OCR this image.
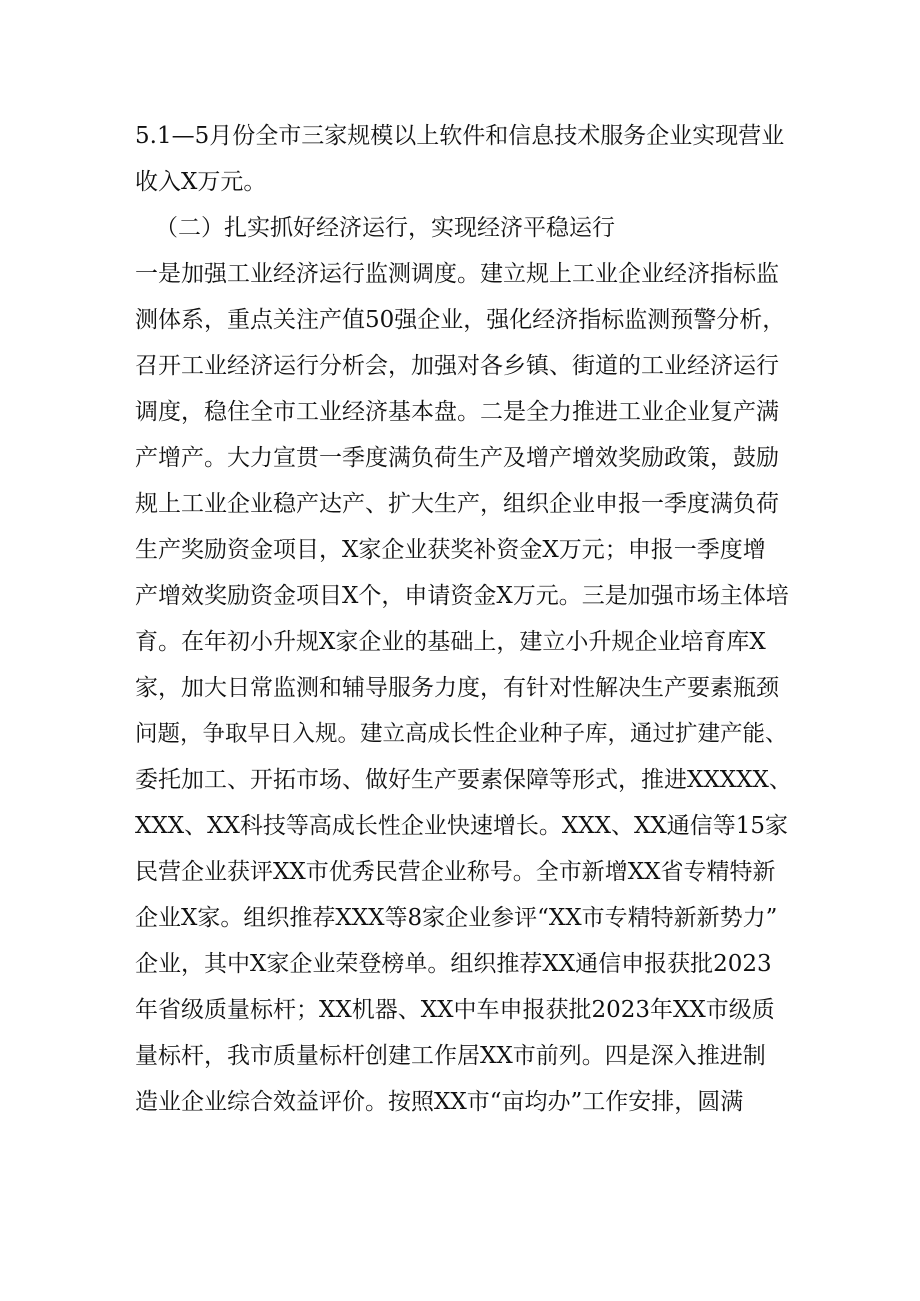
5.1—5月份全市三家规模以上软件和信息技术服务企业实现营业
收入X万元。
（二）扎实抓好经济运行，实现经济平稳运行
一是加强工业经济运行监测调度。建立规上工业企业经济指标监
测体系，重点关注产值50强企业，强化经济指标监测预警分析，
召开工业经济运行分析会，加强对各乡镇、街道的工业经济运行
调度，稳住全市工业经济基本盘。二是全力推进工业企业复产满
产增产。大力宣贯一季度满负荷生产及增产增效奖励政策，鼓励
规上工业企业稳产达产、扩大生产，组织企业申报一季度满负荷
生产奖励资金项目，X家企业获奖补资金X万元；申报一季度增
产增效奖励资金项目X个，申请资金X万元。三是加强市场主体培
育。在年初小升规X家企业的基础上，建立小升规企业培育库X
家，加大日常监测和辅导服务力度，有针对性解决生产要素瓶颈
问题，争取早日入规。建立高成长性企业种子库，通过扩建产能、
委托加工、开拓市场、做好生产要素保障等形式，推进XXXXX、
XXX、XX科技等高成长性企业快速增长。XXX、XX通信等15家
民营企业获评XX市优秀民营企业称号。全市新增XX省专精特新
企业X家。组织推荐XXX等8家企业参评“XX市专精特新新势力”
企业，其中X家企业荣登榜单。组织推荐XX通信申报获批2023
年省级质量标杆；XX机器、XX中车申报获批2023年XX市级质
量标杆，我市质量标杆创建工作居XX市前列。四是深入推进制
造业企业综合效益评价。按照XX市“亩均办”工作安排，圆满
